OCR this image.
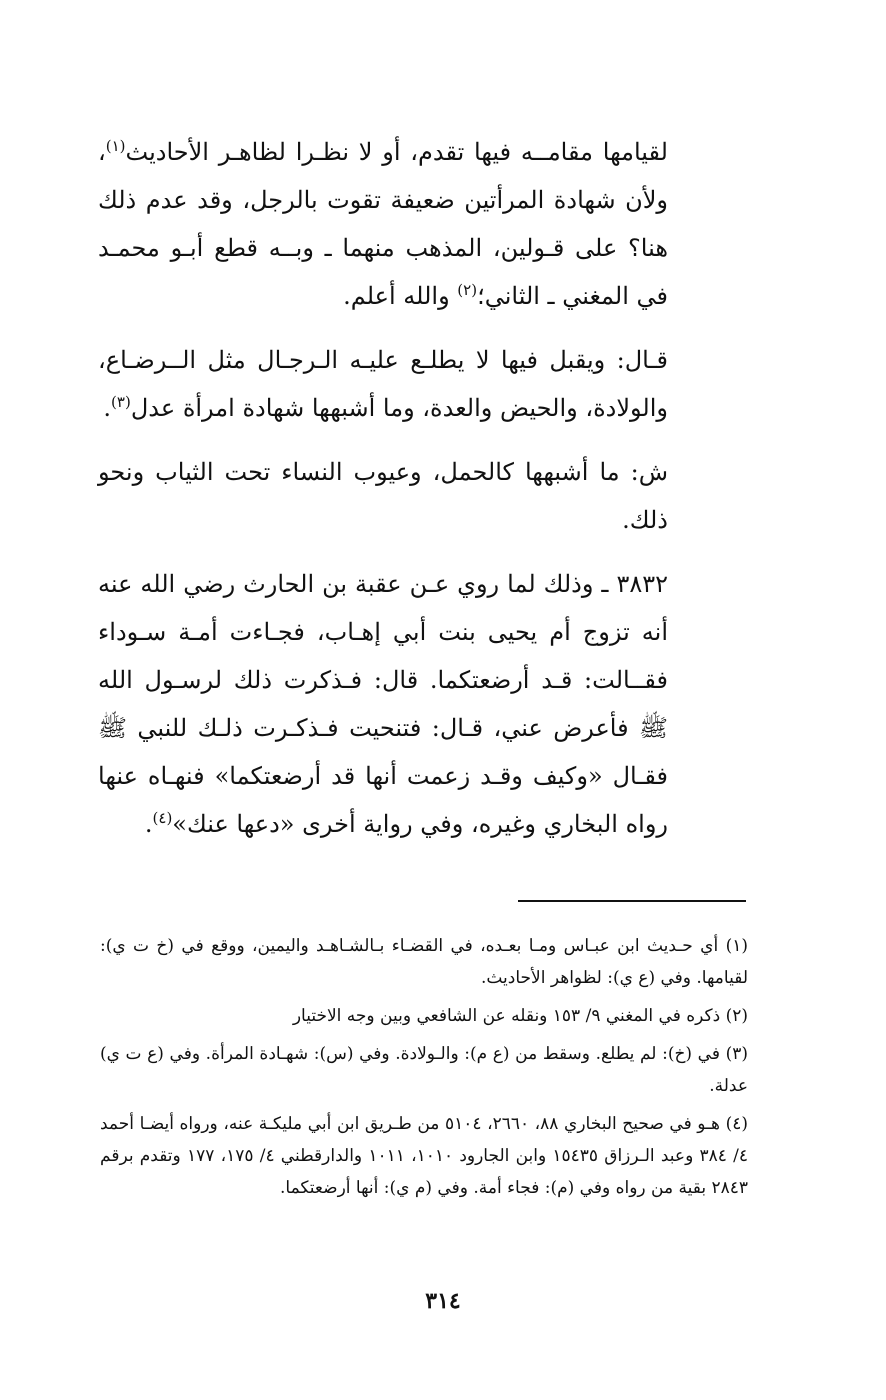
لقيامها مقامــه فيها تقدم، أو لا نظـرا لظاهـر الأحاديث$^{(١)}$، ولأن شهادة المرأتين ضعيفة تقوت بالرجل، وقد عدم ذلك هنا؟ على قـولين، المذهب منهما ـ وبــه قطع أبـو محمـد في المغني ـ الثاني؛$^{(٢)}$ والله أعلم.

قـال: ويقبل فيها لا يطلـع عليـه الـرجـال مثل الــرضـاع، والولادة، والحيض والعدة، وما أشبهها شهادة امرأة عدل$^{(٣)}$.

ش: ما أشبهها كالحمل، وعيوب النساء تحت الثياب ونحو ذلك.

٣٨٣٢ ـ وذلك لما روي عـن عقبة بن الحارث رضي الله عنه أنه تزوج أم يحيى بنت أبي إهـاب، فجـاءت أمـة سـوداء فقــالت: قـد أرضعتكما. قال: فـذكرت ذلك لرسـول الله ﷺ فأعرض عني، قـال: فتنحيت فـذكـرت ذلـك للنبي ﷺ فقـال «وكيف وقـد زعمت أنها قد أرضعتكما» فنهـاه عنها رواه البخاري وغيره، وفي رواية أخرى «دعها عنك»$^{(٤)}$.

(١) أي حـديث ابن عبـاس ومـا بعـده، في القضـاء بـالشـاهـد واليمين، ووقع في (خ ت ي): لقيامها. وفي (ع ي): لظواهر الأحاديث.

(٢) ذكره في المغني ٩/ ١٥٣ ونقله عن الشافعي وبين وجه الاختيار

(٣) في (خ): لم يطلع. وسقط من (ع م): والـولادة. وفي (س): شهـادة المرأة. وفي (ع ت ي) عدلة.

(٤) هـو في صحيح البخاري ٨٨، ٢٦٦٠، ٥١٠٤ من طـريق ابن أبي مليكـة عنه، ورواه أيضـا أحمد ٤/ ٣٨٤ وعبد الـرزاق ١٥٤٣٥ وابن الجارود ١٠١٠، ١٠١١ والدارقطني ٤/ ١٧٥، ١٧٧ وتقدم برقم ٢٨٤٣ بقية من رواه وفي (م): فجاء أمة. وفي (م ي): أنها أرضعتكما.

٣١٤
